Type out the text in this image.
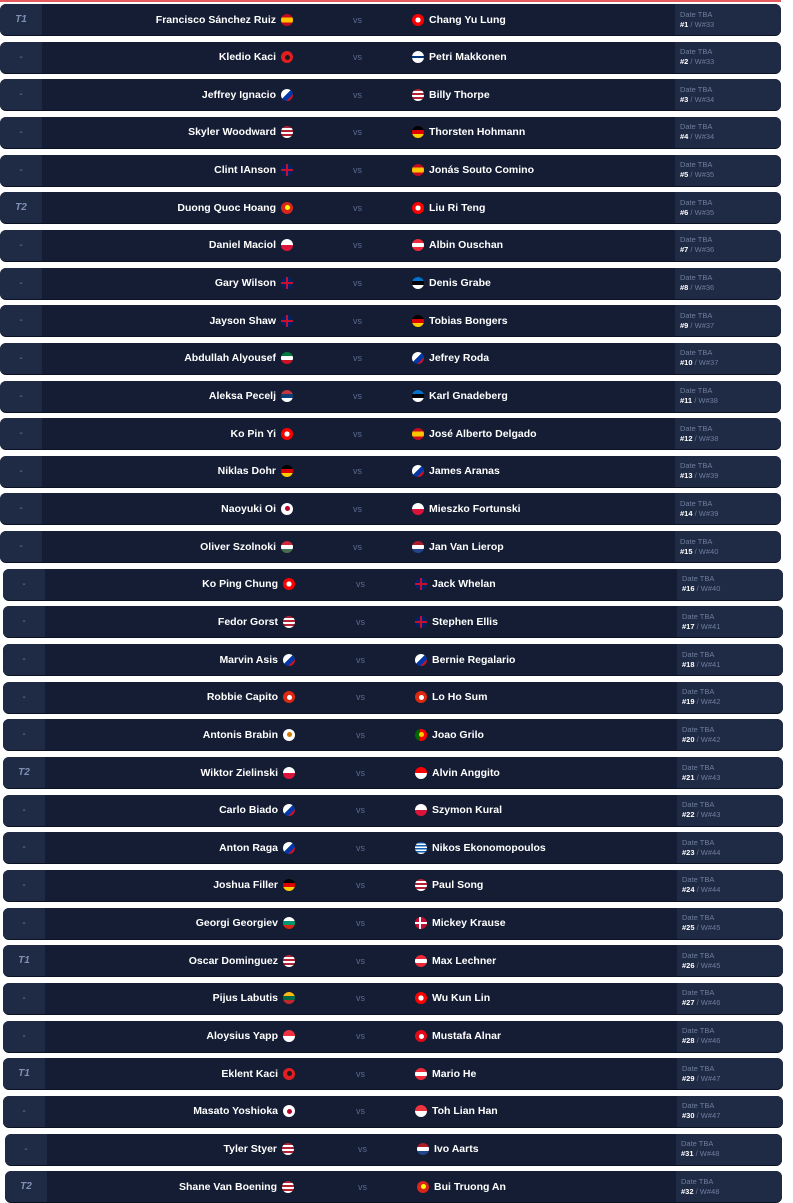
T1	Francisco Sánchez Ruiz	vs	Chang Yu Lung	Date TBA
#1 / W#33
-	Kledio Kaci	vs	Petri Makkonen	Date TBA
#2 / W#33
-	Jeffrey Ignacio	vs	Billy Thorpe	Date TBA
#3 / W#34
-	Skyler Woodward	vs	Thorsten Hohmann	Date TBA
#4 / W#34
-	Clint IAnson	vs	Jonás Souto Comino	Date TBA
#5 / W#35
T2	Duong Quoc Hoang	vs	Liu Ri Teng	Date TBA
#6 / W#35
-	Daniel Maciol	vs	Albin Ouschan	Date TBA
#7 / W#36
-	Gary Wilson	vs	Denis Grabe	Date TBA
#8 / W#36
-	Jayson Shaw	vs	Tobias Bongers	Date TBA
#9 / W#37
-	Abdullah Alyousef	vs	Jefrey Roda	Date TBA
#10 / W#37
-	Aleksa Pecelj	vs	Karl Gnadeberg	Date TBA
#11 / W#38
-	Ko Pin Yi	vs	José Alberto Delgado	Date TBA
#12 / W#38
-	Niklas Dohr	vs	James Aranas	Date TBA
#13 / W#39
-	Naoyuki Oi	vs	Mieszko Fortunski	Date TBA
#14 / W#39
-	Oliver Szolnoki	vs	Jan Van Lierop	Date TBA
#15 / W#40
-	Ko Ping Chung	vs	Jack Whelan	Date TBA
#16 / W#40
-	Fedor Gorst	vs	Stephen Ellis	Date TBA
#17 / W#41
-	Marvin Asis	vs	Bernie Regalario	Date TBA
#18 / W#41
-	Robbie Capito	vs	Lo Ho Sum	Date TBA
#19 / W#42
-	Antonis Brabin	vs	Joao Grilo	Date TBA
#20 / W#42
T2	Wiktor Zielinski	vs	Alvin Anggito	Date TBA
#21 / W#43
-	Carlo Biado	vs	Szymon Kural	Date TBA
#22 / W#43
-	Anton Raga	vs	Nikos Ekonomopoulos	Date TBA
#23 / W#44
-	Joshua Filler	vs	Paul Song	Date TBA
#24 / W#44
-	Georgi Georgiev	vs	Mickey Krause	Date TBA
#25 / W#45
T1	Oscar Dominguez	vs	Max Lechner	Date TBA
#26 / W#45
-	Pijus Labutis	vs	Wu Kun Lin	Date TBA
#27 / W#46
-	Aloysius Yapp	vs	Mustafa Alnar	Date TBA
#28 / W#46
T1	Eklent Kaci	vs	Mario He	Date TBA
#29 / W#47
-	Masato Yoshioka	vs	Toh Lian Han	Date TBA
#30 / W#47
-	Tyler Styer	vs	Ivo Aarts	Date TBA
#31 / W#48
T2	Shane Van Boening	vs	Bui Truong An	Date TBA
#32 / W#48
